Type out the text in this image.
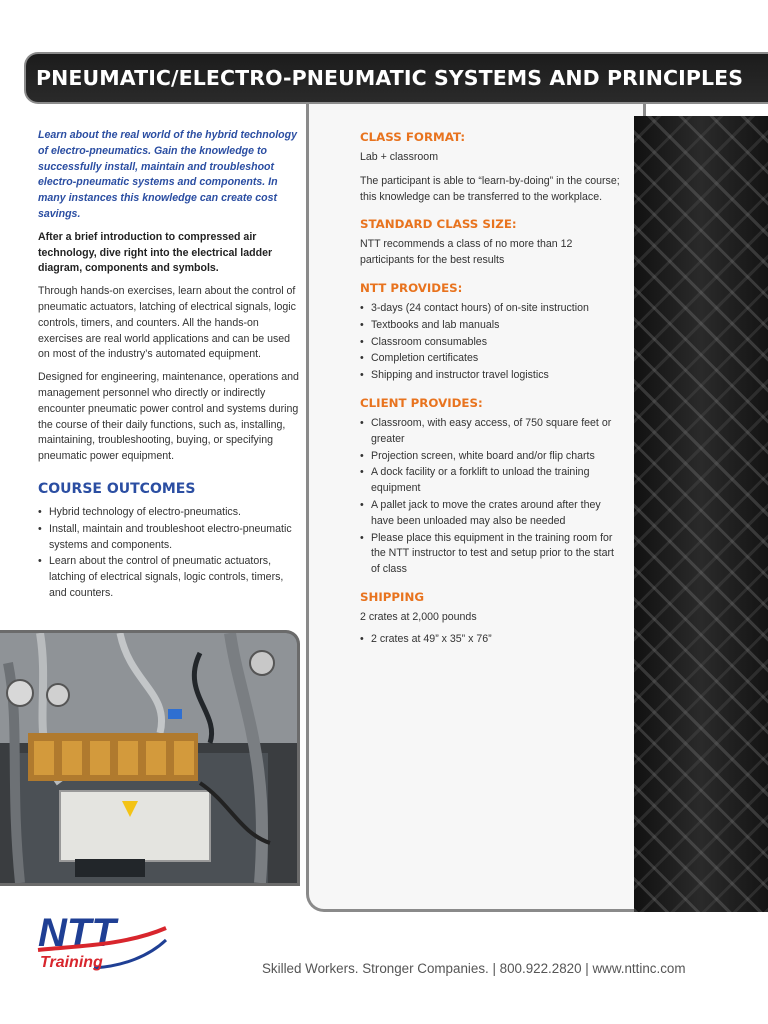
PNEUMATIC/ELECTRO-PNEUMATIC SYSTEMS AND PRINCIPLES

Learn about the real world of the hybrid technology of electro-pneumatics. Gain the knowledge to successfully install, maintain and troubleshoot electro-pneumatic systems and components. In many instances this knowledge can create cost savings.

After a brief introduction to compressed air technology, dive right into the electrical ladder diagram, components and symbols.

Through hands-on exercises, learn about the control of pneumatic actuators, latching of electrical signals, logic controls, timers, and counters. All the hands-on exercises are real world applications and can be used on most of the industry’s automated equipment.

Designed for engineering, maintenance, operations and management personnel who directly or indirectly encounter pneumatic power control and systems during the course of their daily functions, such as, installing, maintaining, troubleshooting, buying, or specifying pneumatic power equipment.

COURSE OUTCOMES
• Hybrid technology of electro-pneumatics.
• Install, maintain and troubleshoot electro-pneumatic systems and components.
• Learn about the control of pneumatic actuators, latching of electrical signals, logic controls, timers, and counters.
CLASS FORMAT:

Lab + classroom

The participant is able to “learn-by-doing” in the course; this knowledge can be transferred to the workplace.

STANDARD CLASS SIZE:

NTT recommends a class of no more than 12 participants for the best results

NTT PROVIDES:
• 3-days (24 contact hours) of on-site instruction
• Textbooks and lab manuals
• Classroom consumables
• Completion certificates
• Shipping and instructor travel logistics
CLIENT PROVIDES:
• Classroom, with easy access, of 750 square feet or greater
• Projection screen, white board and/or flip charts
• A dock facility or a forklift to unload the training equipment
• A pallet jack to move the crates around after they have been unloaded may also be needed
• Please place this equipment in the training room for the NTT instructor to test and setup prior to the start of class
SHIPPING

2 crates at 2,000 pounds

• 2 crates at 49” x 35” x 76”
NTT
Training	Skilled Workers. Stronger Companies. | 800.922.2820 | www.nttinc.com
